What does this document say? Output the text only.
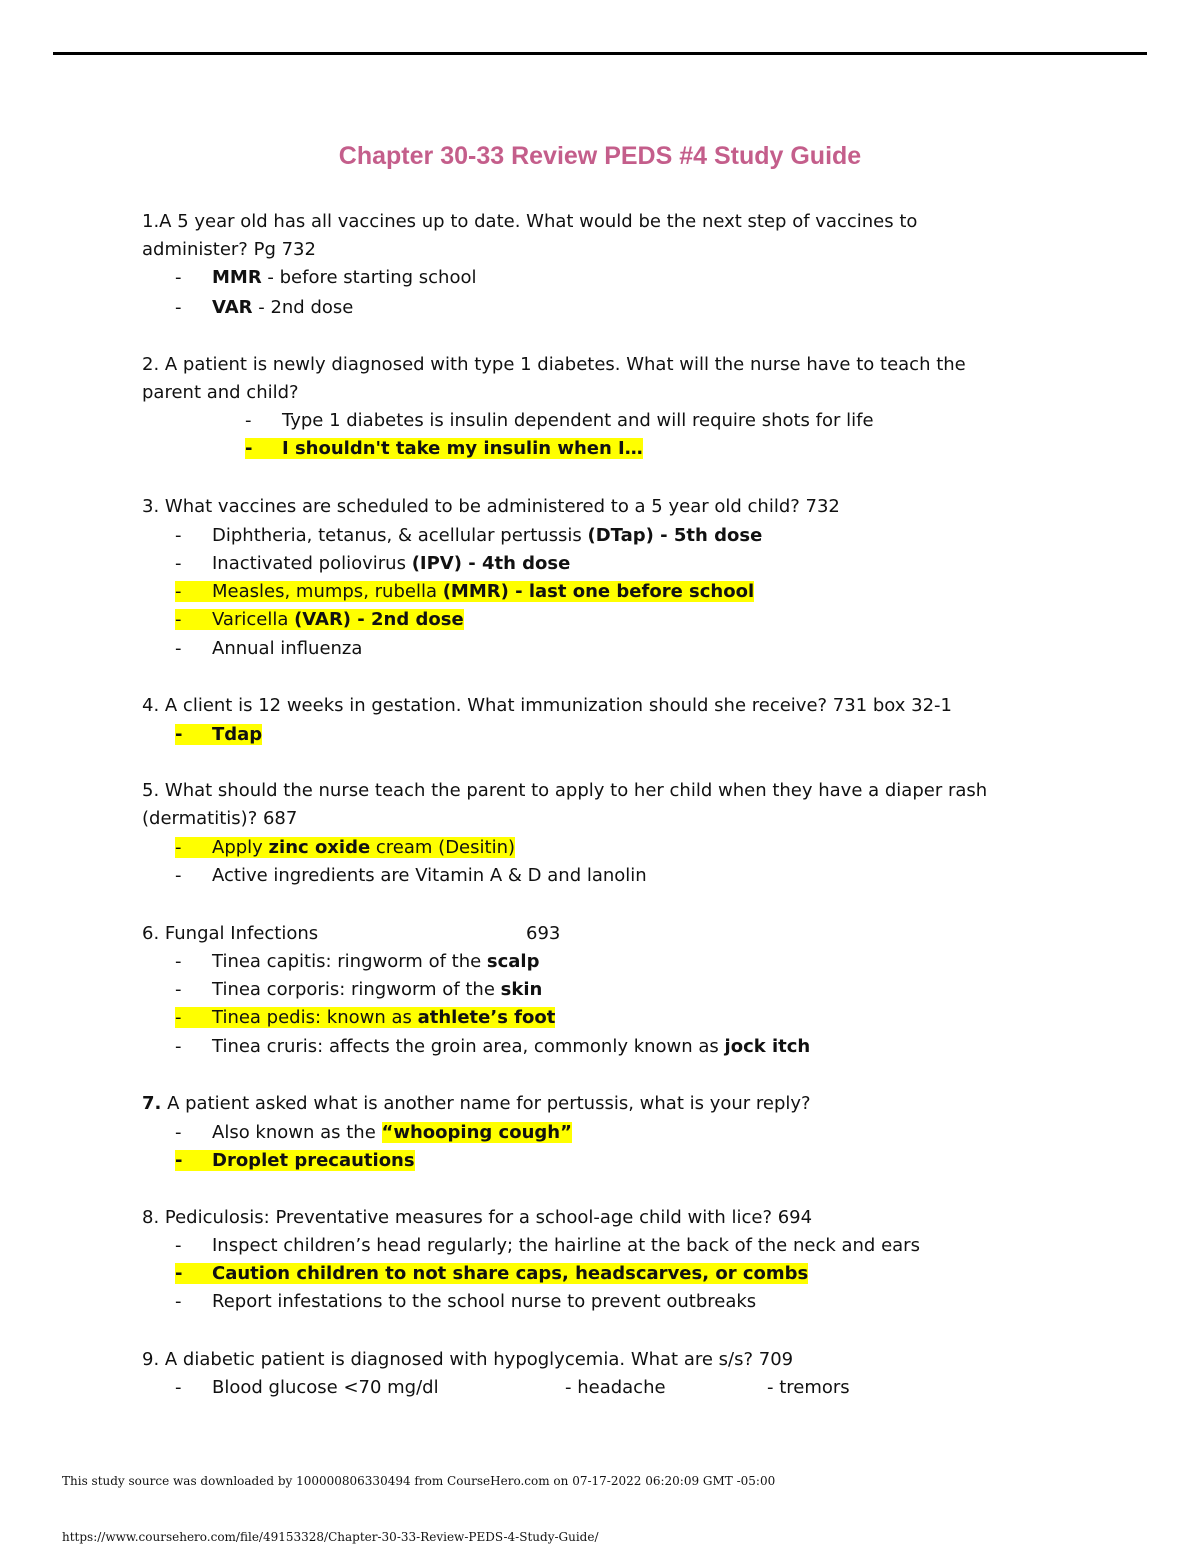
Chapter 30-33 Review PEDS #4 Study Guide
1.A 5 year old has all vaccines up to date. What would be the next step of vaccines to
administer? Pg 732
- MMR - before starting school
- VAR - 2nd dose
2. A patient is newly diagnosed with type 1 diabetes. What will the nurse have to teach the
parent and child?
- Type 1 diabetes is insulin dependent and will require shots for life
- I shouldn't take my insulin when I…
3. What vaccines are scheduled to be administered to a 5 year old child? 732
- Diphtheria, tetanus, & acellular pertussis (DTap) - 5th dose
- Inactivated poliovirus (IPV) - 4th dose
- Measles, mumps, rubella (MMR) - last one before school
- Varicella (VAR) - 2nd dose
- Annual influenza
4. A client is 12 weeks in gestation. What immunization should she receive? 731 box 32-1
- Tdap
5. What should the nurse teach the parent to apply to her child when they have a diaper rash
(dermatitis)? 687
- Apply zinc oxide cream (Desitin)
- Active ingredients are Vitamin A & D and lanolin
6. Fungal Infections	693
- Tinea capitis: ringworm of the scalp
- Tinea corporis: ringworm of the skin
- Tinea pedis: known as athlete’s foot
- Tinea cruris: affects the groin area, commonly known as jock itch
7. A patient asked what is another name for pertussis, what is your reply?
- Also known as the “whooping cough”
- Droplet precautions
8. Pediculosis: Preventative measures for a school-age child with lice? 694
- Inspect children’s head regularly; the hairline at the back of the neck and ears
- Caution children to not share caps, headscarves, or combs
- Report infestations to the school nurse to prevent outbreaks
9. A diabetic patient is diagnosed with hypoglycemia. What are s/s? 709
- Blood glucose <70 mg/dl	- headache	- tremors
This study source was downloaded by 100000806330494 from CourseHero.com on 07-17-2022 06:20:09 GMT -05:00
https://www.coursehero.com/file/49153328/Chapter-30-33-Review-PEDS-4-Study-Guide/
